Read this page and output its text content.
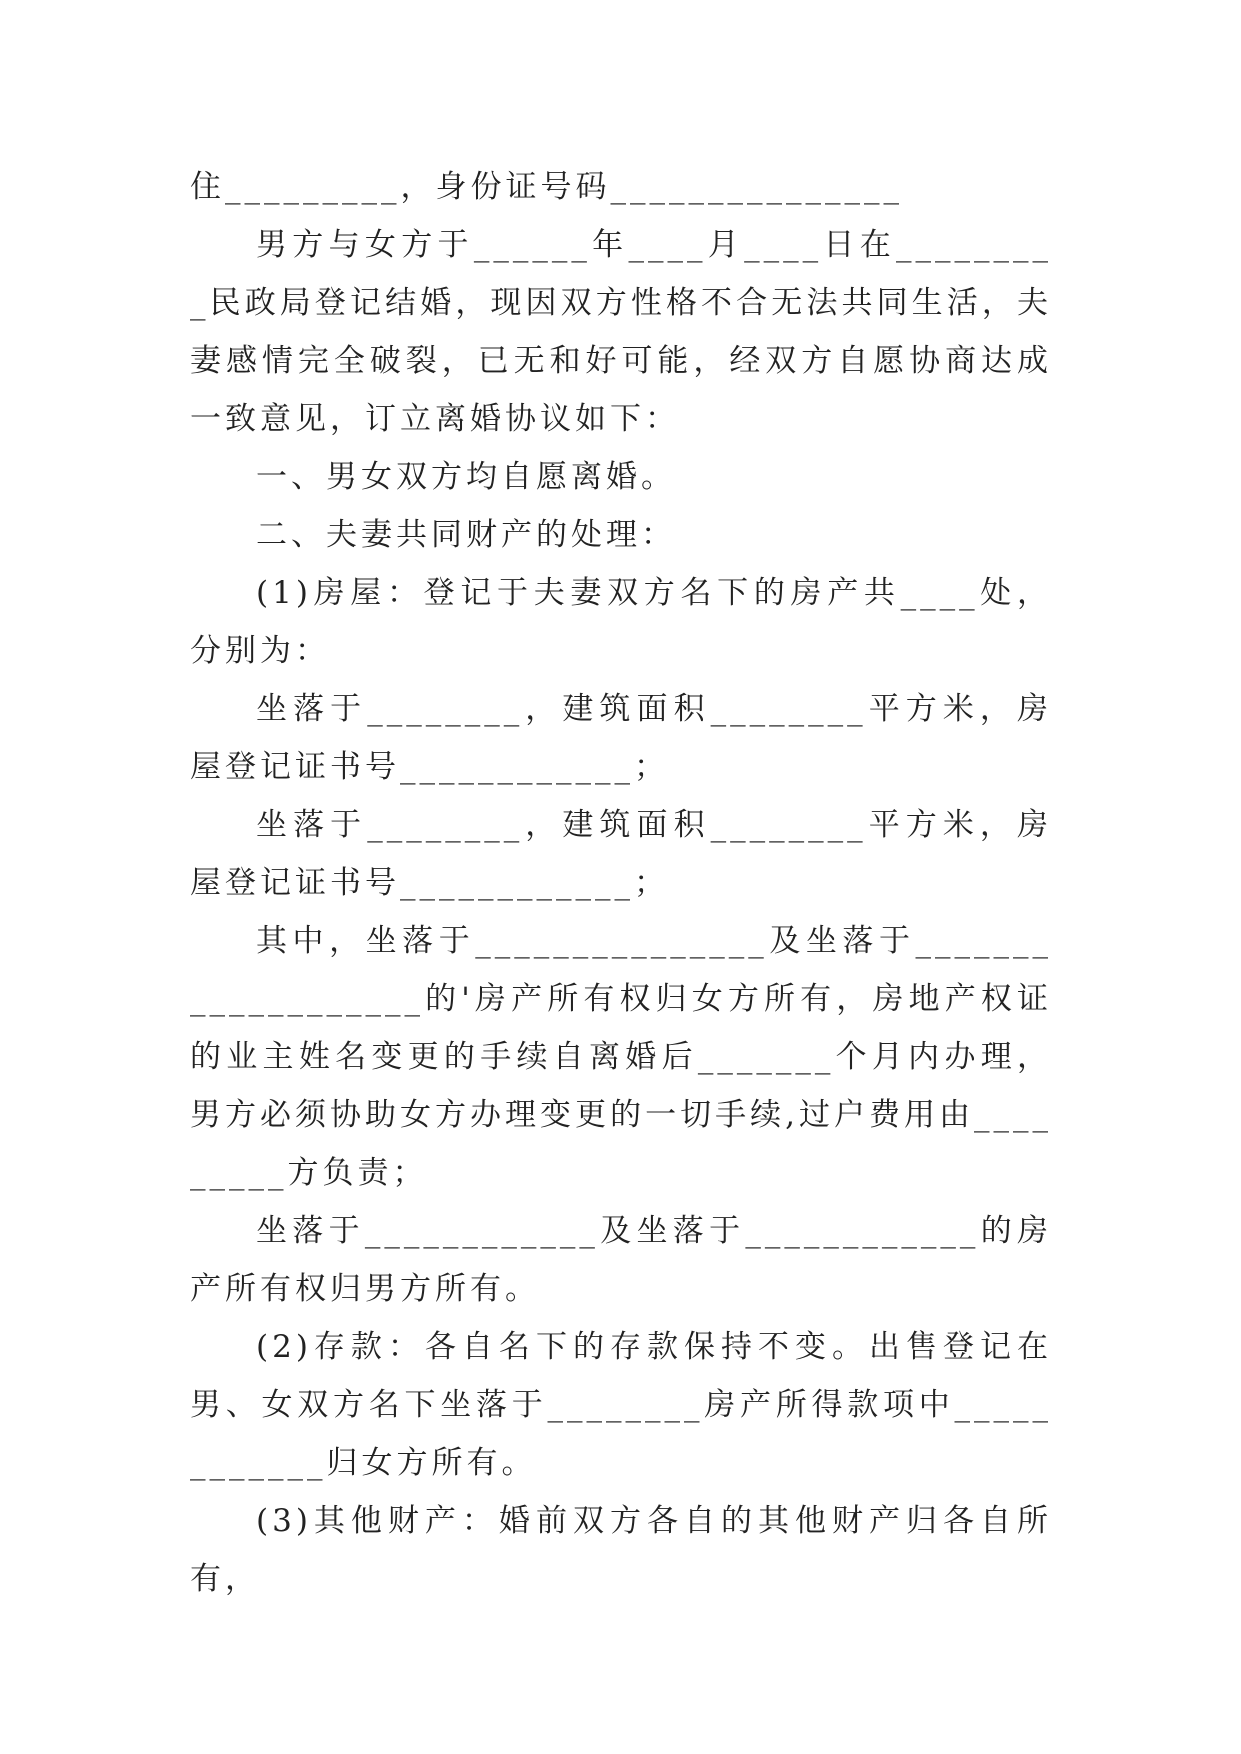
住_________，身份证号码_______________

男方与女方于______年____月____日在_________民政局登记结婚，现因双方性格不合无法共同生活，夫妻感情完全破裂，已无和好可能，经双方自愿协商达成一致意见，订立离婚协议如下：

一、男女双方均自愿离婚。

二、夫妻共同财产的处理：

(1)房屋：登记于夫妻双方名下的房产共____处，分别为：

坐落于________，建筑面积________平方米，房屋登记证书号____________；

坐落于________，建筑面积________平方米，房屋登记证书号____________；

其中，坐落于_______________及坐落于___________________的'房产所有权归女方所有，房地产权证的业主姓名变更的手续自离婚后_______个月内办理，男方必须协助女方办理变更的一切手续,过户费用由_________方负责；

坐落于____________及坐落于____________的房产所有权归男方所有。

(2)存款：各自名下的存款保持不变。出售登记在男、女双方名下坐落于________房产所得款项中____________归女方所有。

(3)其他财产：婚前双方各自的其他财产归各自所有，
